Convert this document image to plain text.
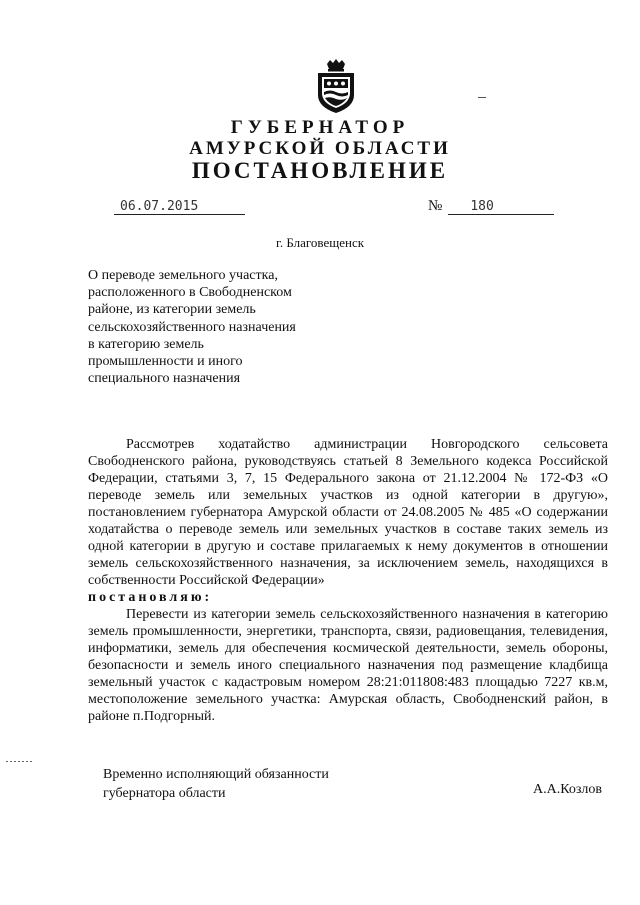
ГУБЕРНАТОР
АМУРСКОЙ ОБЛАСТИ
ПОСТАНОВЛЕНИЕ
06.07.2015	№ 180
г. Благовещенск
О переводе земельного участка,
расположенного в Свободненском
районе, из категории земель
сельскохозяйственного назначения
в категорию земель
промышленности и иного
специального назначения

Рассмотрев ходатайство администрации Новгородского сельсовета Свободненского района, руководствуясь статьей 8 Земельного кодекса Российской Федерации, статьями 3, 7, 15 Федерального закона от 21.12.2004 № 172-ФЗ «О переводе земель или земельных участков из одной категории в другую», постановлением губернатора Амурской области от 24.08.2005 № 485 «О содержании ходатайства о переводе земель или земельных участков в составе таких земель из одной категории в другую и составе прилагаемых к нему документов в отношении земель сельскохозяйственного назначения, за исключением земель, находящихся в собственности Российской Федерации»

постановляю:

Перевести из категории земель сельскохозяйственного назначения в категорию земель промышленности, энергетики, транспорта, связи, радиовещания, телевидения, информатики, земель для обеспечения космической деятельности, земель обороны, безопасности и земель иного специального назначения под размещение кладбища земельный участок с кадастровым номером 28:21:011808:483 площадью 7227 кв.м, местоположение земельного участка: Амурская область, Свободненский район, в районе п.Подгорный.

Временно исполняющий обязанности
губернатора области	А.А.Козлов
